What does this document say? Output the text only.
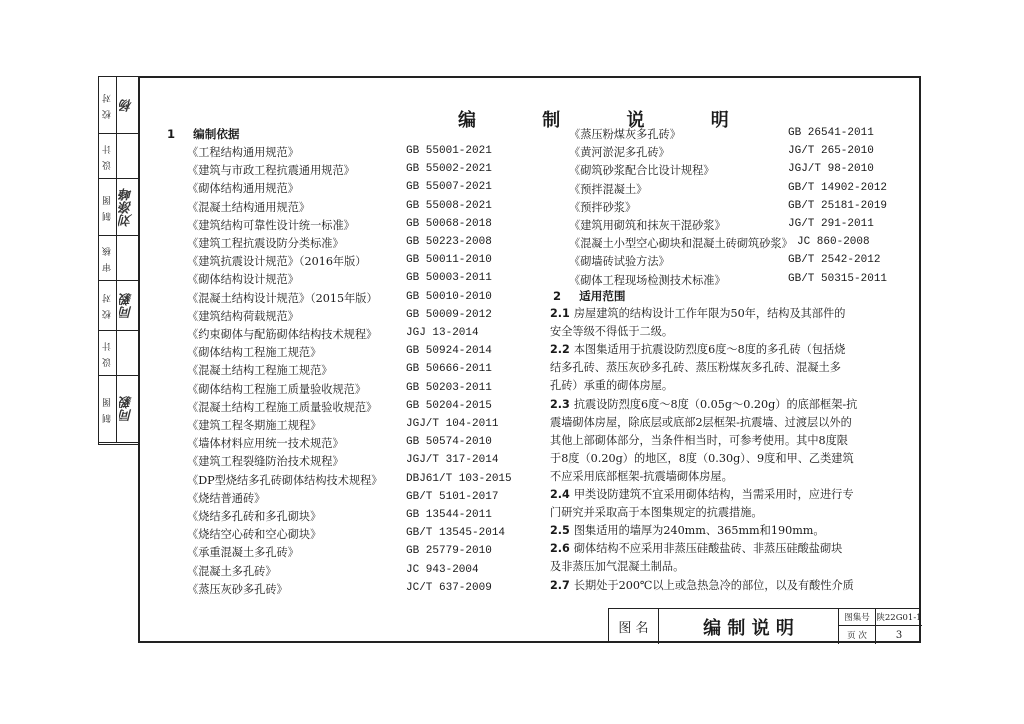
校 对 杨
设 计
制 图 刘涤峰
审 核
校 对 同毅
设 计
制 图 同毅
编 制 说 明
1 编制依据
《工程结构通用规范》	GB 55001-2021
《建筑与市政工程抗震通用规范》	GB 55002-2021
《砌体结构通用规范》	GB 55007-2021
《混凝土结构通用规范》	GB 55008-2021
《建筑结构可靠性设计统一标准》	GB 50068-2018
《建筑工程抗震设防分类标准》	GB 50223-2008
《建筑抗震设计规范》（2016年版）	GB 50011-2010
《砌体结构设计规范》	GB 50003-2011
《混凝土结构设计规范》（2015年版）	GB 50010-2010
《建筑结构荷载规范》	GB 50009-2012
《约束砌体与配筋砌体结构技术规程》	JGJ 13-2014
《砌体结构工程施工规范》	GB 50924-2014
《混凝土结构工程施工规范》	GB 50666-2011
《砌体结构工程施工质量验收规范》	GB 50203-2011
《混凝土结构工程施工质量验收规范》	GB 50204-2015
《建筑工程冬期施工规程》	JGJ/T 104-2011
《墙体材料应用统一技术规范》	GB 50574-2010
《建筑工程裂缝防治技术规程》	JGJ/T 317-2014
《DP型烧结多孔砖砌体结构技术规程》 DBJ61/T 103-2015
《烧结普通砖》	GB/T 5101-2017
《烧结多孔砖和多孔砌块》	GB 13544-2011
《烧结空心砖和空心砌块》	GB/T 13545-2014
《承重混凝土多孔砖》	GB 25779-2010
《混凝土多孔砖》	JC 943-2004
《蒸压灰砂多孔砖》	JC/T 637-2009
《蒸压粉煤灰多孔砖》	GB 26541-2011
《黄河淤泥多孔砖》	JG/T 265-2010
《砌筑砂浆配合比设计规程》	JGJ/T 98-2010
《预拌混凝土》	GB/T 14902-2012
《预拌砂浆》	GB/T 25181-2019
《建筑用砌筑和抹灰干混砂浆》	JG/T 291-2011
《混凝土小型空心砌块和混凝土砖砌筑砂浆》 JC 860-2008
《砌墙砖试验方法》	GB/T 2542-2012
《砌体工程现场检测技术标准》	GB/T 50315-2011
2 适用范围
2.1 房屋建筑的结构设计工作年限为50年，结构及其部件的
安全等级不得低于二级。
2.2 本图集适用于抗震设防烈度6度～8度的多孔砖（包括烧
结多孔砖、蒸压灰砂多孔砖、蒸压粉煤灰多孔砖、混凝土多
孔砖）承重的砌体房屋。
2.3 抗震设防烈度6度～8度（0.05g～0.20g）的底部框架-抗
震墙砌体房屋，除底层或底部2层框架-抗震墙、过渡层以外的
其他上部砌体部分，当条件相当时，可参考使用。其中8度限
于8度（0.20g）的地区，8度（0.30g）、9度和甲、乙类建筑
不应采用底部框架-抗震墙砌体房屋。
2.4 甲类设防建筑不宜采用砌体结构，当需采用时，应进行专
门研究并采取高于本图集规定的抗震措施。
2.5 图集适用的墙厚为240mm、365mm和190mm。
2.6 砌体结构不应采用非蒸压硅酸盐砖、非蒸压硅酸盐砌块
及非蒸压加气混凝土制品。
2.7 长期处于200℃以上或急热急冷的部位，以及有酸性介质
图 名	编 制 说 明	图集号 陕22G01-1
页 次	3
